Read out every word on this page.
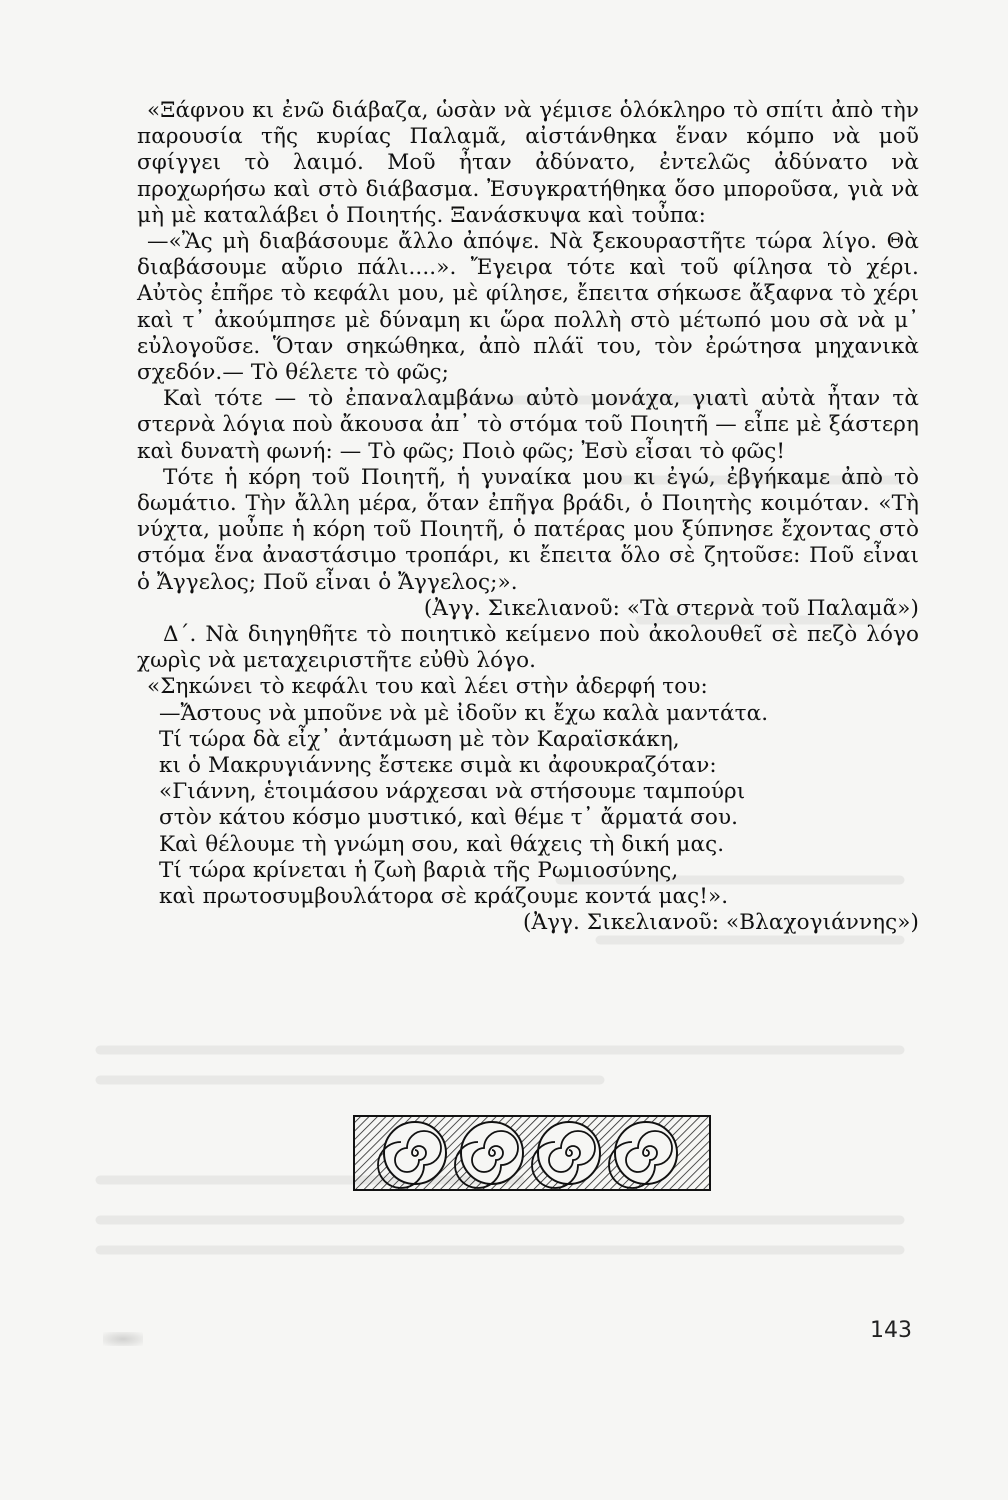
«Ξάφνου κι ἐνῶ διάβαζα, ὡσὰν νὰ γέμισε ὁλόκληρο τὸ σπίτι ἀπὸ τὴν παρουσία τῆς κυρίας Παλαμᾶ, αἰστάνθηκα ἕναν κόμπο νὰ μοῦ σφίγγει τὸ λαιμό. Μοῦ ἦταν ἀδύνατο, ἐντελῶς ἀδύνατο νὰ προχωρήσω καὶ στὸ διάβασμα. Ἐσυγκρατήθηκα ὅσο μποροῦσα, γιὰ νὰ μὴ μὲ καταλάβει ὁ Ποιητής. Ξανάσκυψα καὶ τοὖπα:

—«Ἂς μὴ διαβάσουμε ἄλλο ἀπόψε. Νὰ ξεκουραστῆτε τώρα λίγο. Θὰ διαβάσουμε αὔριο πάλι....». Ἔγειρα τότε καὶ τοῦ φίλησα τὸ χέρι. Αὐτὸς ἐπῆρε τὸ κεφάλι μου, μὲ φίλησε, ἔπειτα σήκωσε ἄξαφνα τὸ χέρι καὶ τ᾽ ἀκούμπησε μὲ δύναμη κι ὥρα πολλὴ στὸ μέτωπό μου σὰ νὰ μ᾽ εὐλογοῦσε. Ὅταν σηκώθηκα, ἀπὸ πλάϊ του, τὸν ἐρώτησα μηχανικὰ σχεδόν.— Τὸ θέλετε τὸ φῶς;

Καὶ τότε — τὸ ἐπαναλαμβάνω αὐτὸ μονάχα, γιατὶ αὐτὰ ἦταν τὰ στερνὰ λόγια ποὺ ἄκουσα ἀπ᾽ τὸ στόμα τοῦ Ποιητῆ — εἶπε μὲ ξάστερη καὶ δυνατὴ φωνή: — Τὸ φῶς; Ποιὸ φῶς; Ἐσὺ εἶσαι τὸ φῶς!

Τότε ἡ κόρη τοῦ Ποιητῆ, ἡ γυναίκα μου κι ἐγώ, ἐβγήκαμε ἀπὸ τὸ δωμάτιο. Τὴν ἄλλη μέρα, ὅταν ἐπῆγα βράδι, ὁ Ποιητὴς κοιμόταν. «Τὴ νύχτα, μοὖπε ἡ κόρη τοῦ Ποιητῆ, ὁ πατέρας μου ξύπνησε ἔχοντας στὸ στόμα ἕνα ἀναστάσιμο τροπάρι, κι ἔπειτα ὅλο σὲ ζητοῦσε: Ποῦ εἶναι ὁ Ἄγγελος; Ποῦ εἶναι ὁ Ἄγγελος;».

(Ἀγγ. Σικελιανοῦ: «Τὰ στερνὰ τοῦ Παλαμᾶ»)

Δ΄. Νὰ διηγηθῆτε τὸ ποιητικὸ κείμενο ποὺ ἀκολουθεῖ σὲ πεζὸ λόγο χωρὶς νὰ μεταχειριστῆτε εὐθὺ λόγο.

«Σηκώνει τὸ κεφάλι του καὶ λέει στὴν ἀδερφή του:

—Ἄστους νὰ μποῦνε νὰ μὲ ἰδοῦν κι ἔχω καλὰ μαντάτα.

Τί τώρα δὰ εἶχ᾽ ἀντάμωση μὲ τὸν Καραϊσκάκη,

κι ὁ Μακρυγιάννης ἔστεκε σιμὰ κι ἀφουκραζόταν:

«Γιάννη, ἑτοιμάσου νάρχεσαι νὰ στήσουμε ταμπούρι

στὸν κάτου κόσμο μυστικό, καὶ θέμε τ᾽ ἄρματά σου.

Καὶ θέλουμε τὴ γνώμη σου, καὶ θάχεις τὴ δική μας.

Τί τώρα κρίνεται ἡ ζωὴ βαριὰ τῆς Ρωμιοσύνης,

καὶ πρωτοσυμβουλάτορα σὲ κράζουμε κοντά μας!».

(Ἀγγ. Σικελιανοῦ: «Βλαχογιάννης»)

143
